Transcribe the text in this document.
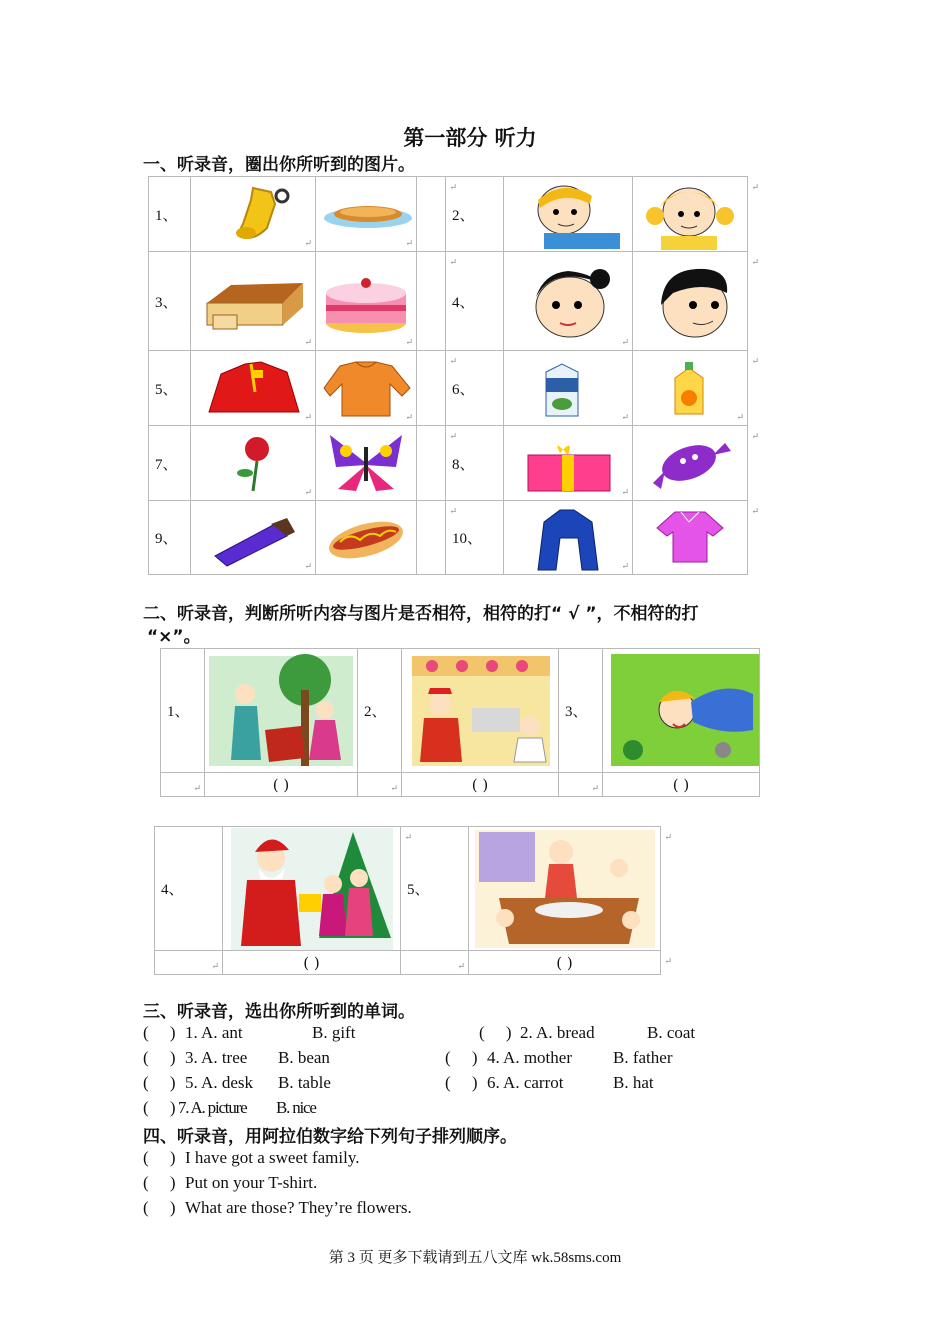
第一部分 听力
一、听录音，圈出你所听到的图片。
1、	↵	↵	↵	2、		↵

3、	↵	↵	↵	4、	↵	↵

5、	↵	↵	↵	6、	↵	↵
↵

7、	↵		↵	8、	↵	↵

9、	↵		↵	10、	↵	↵
二、听录音，判断所听内容与图片是否相符，相符的打“ √ ”，不相符的打
“×”。
1、		2、		3、	

↵	( )	↵	( )	↵	( )
4、	↵	5、	↵

↵	( )	↵	( ) ↵
三、听录音，选出你所听到的单词。
(     ) 1. A. ant	B. gift	(     ) 2. A. bread	B. coat
(     ) 3. A. tree B. bean	(     ) 4. A. mother B. father
(     ) 5. A. desk B. table	(     ) 6. A. carrot	B. hat
(     ) 7. A. picture B. nice
四、听录音，用阿拉伯数字给下列句子排列顺序。
(     ) I have got a sweet family.
(     ) Put on your T-shirt.
(     ) What are those? They’re flowers.
第 3 页 更多下载请到五八文库 wk.58sms.com
